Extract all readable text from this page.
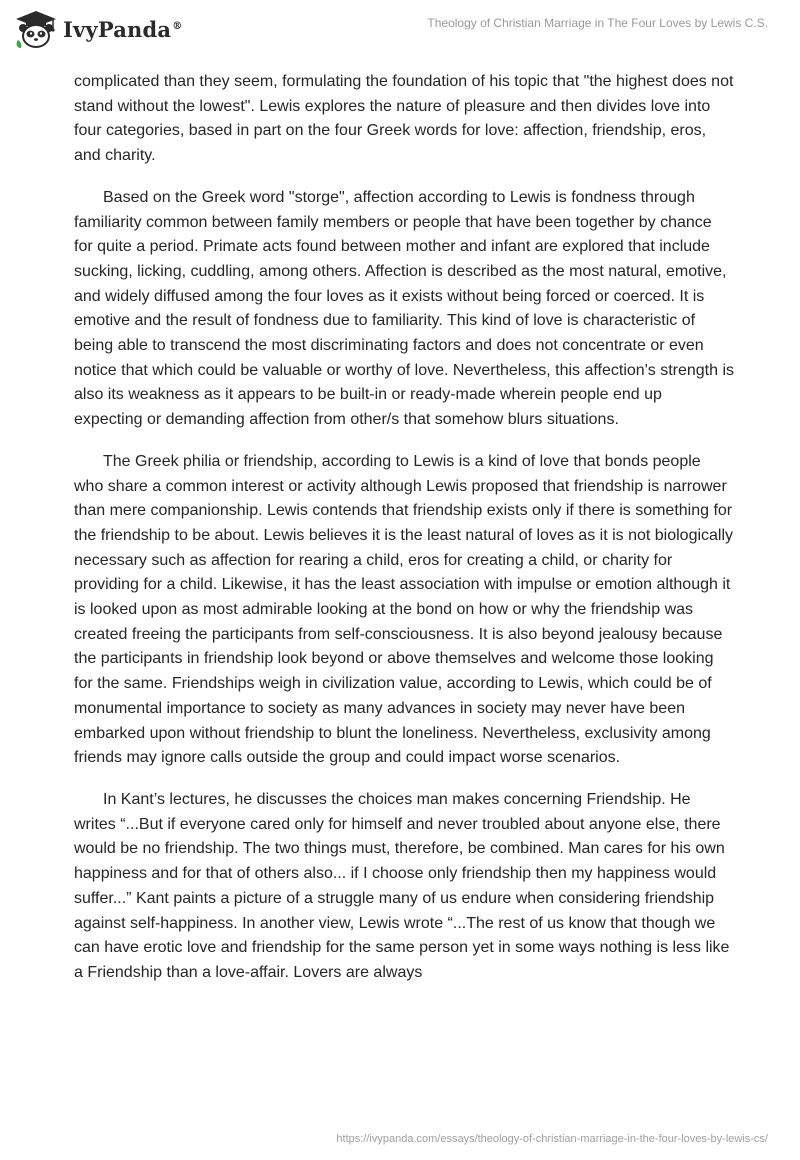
IvyPanda®	Theology of Christian Marriage in The Four Loves by Lewis C.S.

complicated than they seem, formulating the foundation of his topic that "the highest does not stand without the lowest". Lewis explores the nature of pleasure and then divides love into four categories, based in part on the four Greek words for love: affection, friendship, eros, and charity.

Based on the Greek word "storge", affection according to Lewis is fondness through familiarity common between family members or people that have been together by chance for quite a period. Primate acts found between mother and infant are explored that include sucking, licking, cuddling, among others. Affection is described as the most natural, emotive, and widely diffused among the four loves as it exists without being forced or coerced. It is emotive and the result of fondness due to familiarity. This kind of love is characteristic of being able to transcend the most discriminating factors and does not concentrate or even notice that which could be valuable or worthy of love. Nevertheless, this affection's strength is also its weakness as it appears to be built-in or ready-made wherein people end up expecting or demanding affection from other/s that somehow blurs situations.

The Greek philia or friendship, according to Lewis is a kind of love that bonds people who share a common interest or activity although Lewis proposed that friendship is narrower than mere companionship. Lewis contends that friendship exists only if there is something for the friendship to be about. Lewis believes it is the least natural of loves as it is not biologically necessary such as affection for rearing a child, eros for creating a child, or charity for providing for a child. Likewise, it has the least association with impulse or emotion although it is looked upon as most admirable looking at the bond on how or why the friendship was created freeing the participants from self-consciousness. It is also beyond jealousy because the participants in friendship look beyond or above themselves and welcome those looking for the same. Friendships weigh in civilization value, according to Lewis, which could be of monumental importance to society as many advances in society may never have been embarked upon without friendship to blunt the loneliness. Nevertheless, exclusivity among friends may ignore calls outside the group and could impact worse scenarios.

In Kant’s lectures, he discusses the choices man makes concerning Friendship. He writes “...But if everyone cared only for himself and never troubled about anyone else, there would be no friendship. The two things must, therefore, be combined. Man cares for his own happiness and for that of others also... if I choose only friendship then my happiness would suffer...” Kant paints a picture of a struggle many of us endure when considering friendship against self-happiness. In another view, Lewis wrote “...The rest of us know that though we can have erotic love and friendship for the same person yet in some ways nothing is less like a Friendship than a love-affair. Lovers are always

https://ivypanda.com/essays/theology-of-christian-marriage-in-the-four-loves-by-lewis-cs/
